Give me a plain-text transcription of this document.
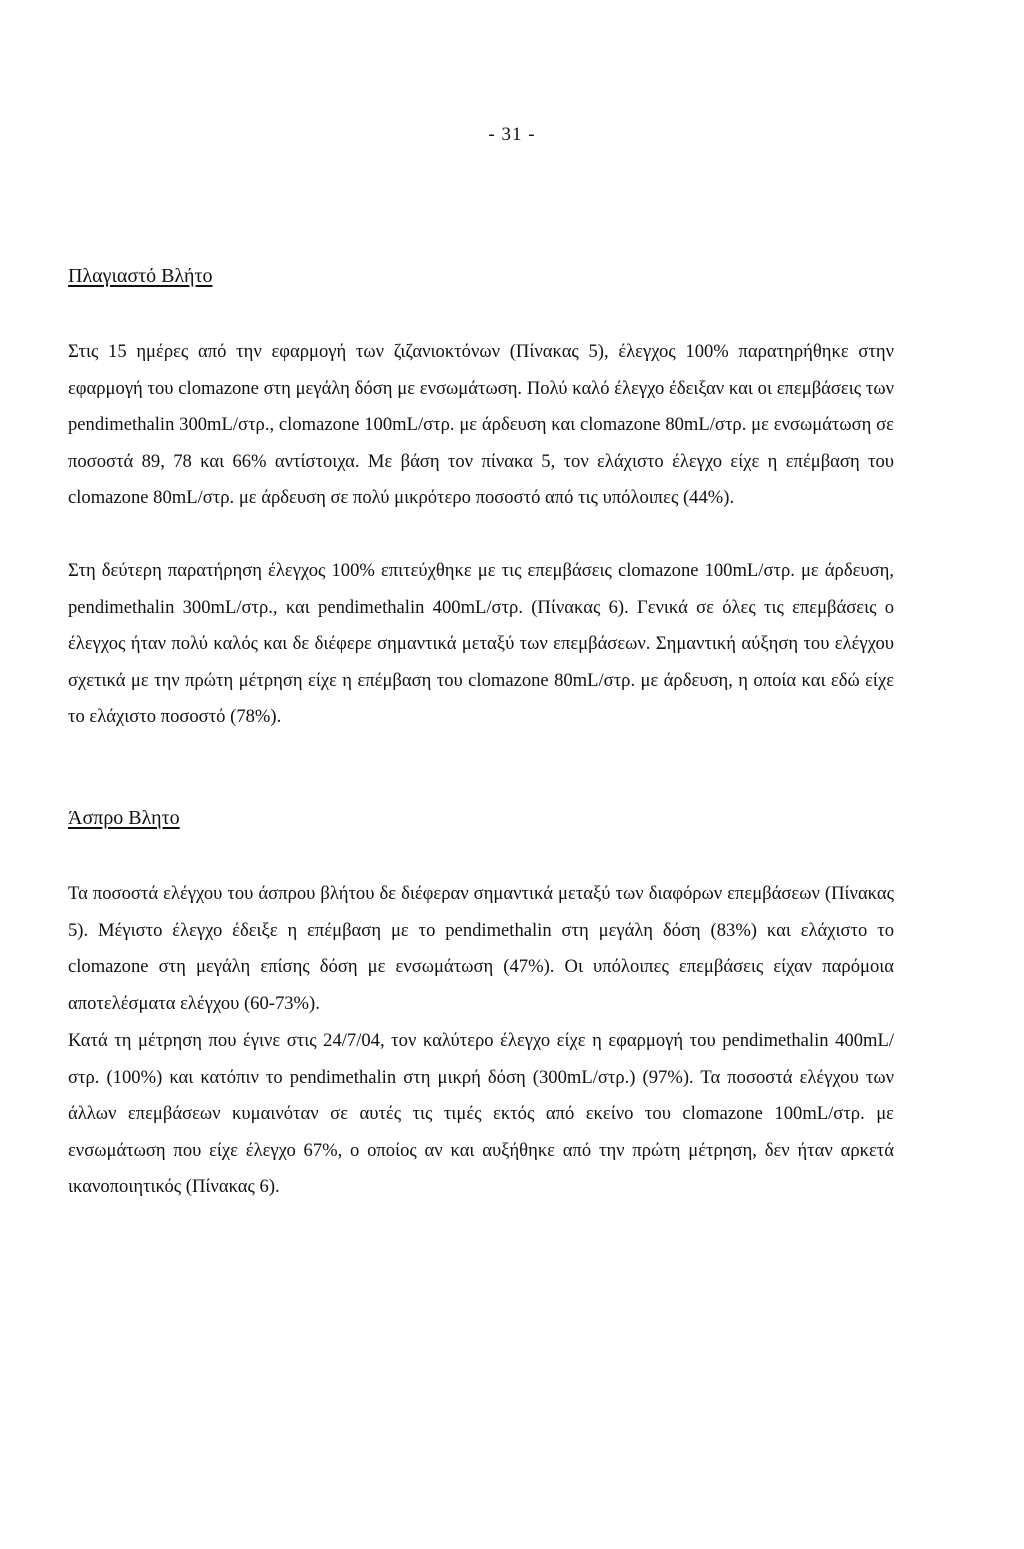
- 31 -
Πλαγιαστό Βλήτο

Στις 15 ημέρες από την εφαρμογή των ζιζανιοκτόνων (Πίνακας 5), έλεγχος 100% παρατηρήθηκε στην εφαρμογή του clomazone στη μεγάλη δόση με ενσωμάτωση. Πολύ καλό έλεγχο έδειξαν και οι επεμβάσεις των pendimethalin 300mL/στρ., clomazone 100mL/στρ. με άρδευση και clomazone 80mL/στρ. με ενσωμάτωση σε ποσοστά 89, 78 και 66% αντίστοιχα. Με βάση τον πίνακα 5, τον ελάχιστο έλεγχο είχε η επέμβαση του clomazone 80mL/στρ. με άρδευση σε πολύ μικρότερο ποσοστό από τις υπόλοιπες (44%).

Στη δεύτερη παρατήρηση έλεγχος 100% επιτεύχθηκε με τις επεμβάσεις clomazone 100mL/στρ. με άρδευση, pendimethalin 300mL/στρ., και pendimethalin 400mL/στρ. (Πίνακας 6). Γενικά σε όλες τις επεμβάσεις ο έλεγχος ήταν πολύ καλός και δε διέφερε σημαντικά μεταξύ των επεμβάσεων. Σημαντική αύξηση του ελέγχου σχετικά με την πρώτη μέτρηση είχε η επέμβαση του clomazone 80mL/στρ. με άρδευση, η οποία και εδώ είχε το ελάχιστο ποσοστό (78%).

Άσπρο Βλητο

Τα ποσοστά ελέγχου του άσπρου βλήτου δε διέφεραν σημαντικά μεταξύ των διαφόρων επεμβάσεων (Πίνακας 5). Μέγιστο έλεγχο έδειξε η επέμβαση με το pendimethalin στη μεγάλη δόση (83%) και ελάχιστο το clomazone στη μεγάλη επίσης δόση με ενσωμάτωση (47%). Οι υπόλοιπες επεμβάσεις είχαν παρόμοια αποτελέσματα ελέγχου (60-73%).

Κατά τη μέτρηση που έγινε στις 24/7/04, τον καλύτερο έλεγχο είχε η εφαρμογή του pendimethalin 400mL/στρ. (100%) και κατόπιν το pendimethalin στη μικρή δόση (300mL/στρ.) (97%). Τα ποσοστά ελέγχου των άλλων επεμβάσεων κυμαινόταν σε αυτές τις τιμές εκτός από εκείνο του clomazone 100mL/στρ. με ενσωμάτωση που είχε έλεγχο 67%, ο οποίος αν και αυξήθηκε από την πρώτη μέτρηση, δεν ήταν αρκετά ικανοποιητικός (Πίνακας 6).
